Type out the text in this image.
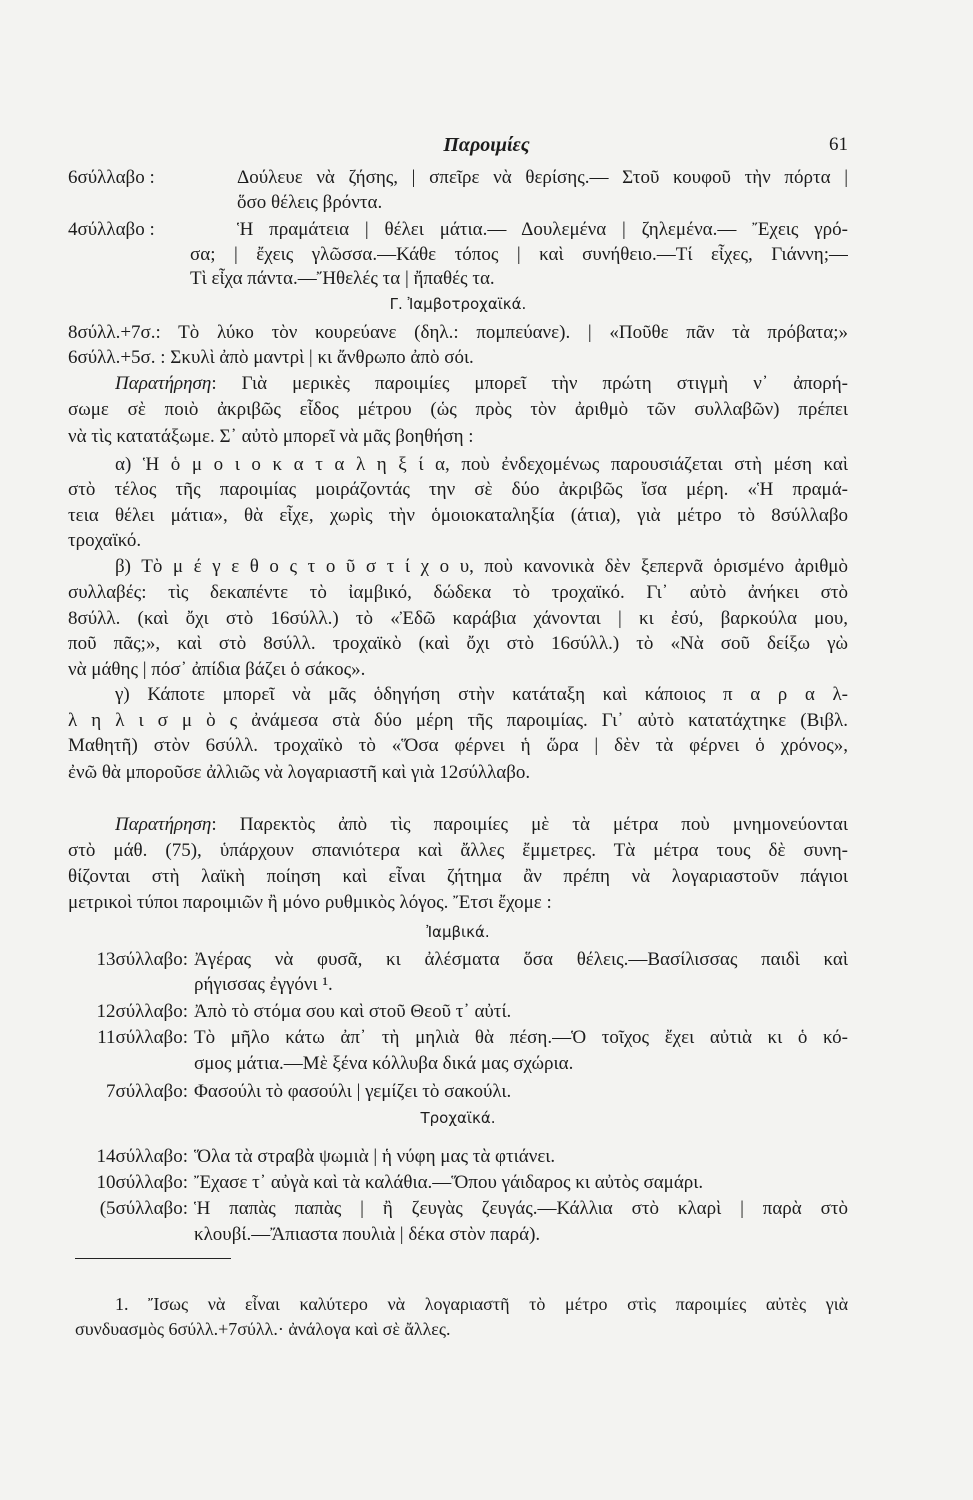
Παροιμίες	61
6σύλλαβο :	Δούλευε νὰ ζήσης, | σπεῖρε νὰ θερίσης.— Στοῦ κουφοῦ τὴν πόρτα |
ὅσο θέλεις βρόντα.
4σύλλαβο :	Ἡ πραμάτεια | θέλει μάτια.— Δουλεμένα | ζηλεμένα.— Ἔχεις γρό-
σα; | ἔχεις γλῶσσα.—Κάθε τόπος | καὶ συνήθειο.—Τί εἶχες, Γιάννη;—
Τὶ εἶχα πάντα.—Ἤθελές τα | ἤπαθές τα.
Γ. Ἰαμβοτροχαϊκά.
8σύλλ.+7σ.: Τὸ λύκο τὸν κουρεύανε (δηλ.: πομπεύανε). | «Ποῦθε πᾶν τὰ πρόβατα;»
6σύλλ.+5σ. : Σκυλὶ ἀπὸ μαντρὶ | κι ἄνθρωπο ἀπὸ σόι.
Παρατήρηση: Γιὰ μερικὲς παροιμίες μπορεῖ τὴν πρώτη στιγμὴ ν᾽ ἀπορή-
σωμε σὲ ποιὸ ἀκριβῶς εἶδος μέτρου (ὡς πρὸς τὸν ἀριθμὸ τῶν συλλαβῶν) πρέπει
νὰ τὶς κατατάξωμε. Σ᾽ αὐτὸ μπορεῖ νὰ μᾶς βοηθήση :
α) Ἡ ὁ μ ο ι ο κ α τ α λ η ξ ί α, ποὺ ἐνδεχομένως παρουσιάζεται στὴ μέση καὶ
στὸ τέλος τῆς παροιμίας μοιράζοντάς την σὲ δύο ἀκριβῶς ἴσα μέρη. «Ἡ πραμά-
τεια θέλει μάτια», θὰ εἶχε, χωρὶς τὴν ὁμοιοκαταληξία (άτια), γιὰ μέτρο τὸ 8σύλλαβο
τροχαϊκό.
β) Τὸ μ έ γ ε θ ο ς τ ο ῦ σ τ ί χ ο υ, ποὺ κανονικὰ δὲν ξεπερνᾶ ὁρισμένο ἀριθμὸ
συλλαβές: τὶς δεκαπέντε τὸ ἰαμβικό, δώδεκα τὸ τροχαϊκό. Γι᾽ αὐτὸ ἀνήκει στὸ
8σύλλ. (καὶ ὄχι στὸ 16σύλλ.) τὸ «Ἐδῶ καράβια χάνονται | κι ἐσύ, βαρκούλα μου,
ποῦ πᾶς;», καὶ στὸ 8σύλλ. τροχαϊκὸ (καὶ ὄχι στὸ 16σύλλ.) τὸ «Νὰ σοῦ δείξω γὼ
νὰ μάθης | πόσ᾽ ἀπίδια βάζει ὁ σάκος».
γ) Κάποτε μπορεῖ νὰ μᾶς ὁδηγήση στὴν κατάταξη καὶ κάποιος π α ρ α λ-
λ η λ ι σ μ ὸ ς ἀνάμεσα στὰ δύο μέρη τῆς παροιμίας. Γι᾽ αὐτὸ κατατάχτηκε (Βιβλ.
Μαθητῆ) στὸν 6σύλλ. τροχαϊκὸ τὸ «Ὅσα φέρνει ἡ ὥρα | δὲν τὰ φέρνει ὁ χρόνος»,
ἐνῶ θὰ μποροῦσε ἀλλιῶς νὰ λογαριαστῆ καὶ γιὰ 12σύλλαβο.
Παρατήρηση: Παρεκτὸς ἀπὸ τὶς παροιμίες μὲ τὰ μέτρα ποὺ μνημονεύονται
στὸ μάθ. (75), ὑπάρχουν σπανιότερα καὶ ἄλλες ἔμμετρες. Τὰ μέτρα τους δὲ συνη-
θίζονται στὴ λαϊκὴ ποίηση καὶ εἶναι ζήτημα ἂν πρέπη νὰ λογαριαστοῦν πάγιοι
μετρικοὶ τύποι παροιμιῶν ἢ μόνο ρυθμικὸς λόγος. Ἔτσι ἔχομε :
Ἰαμβικά.
13σύλλαβο: Ἀγέρας νὰ φυσᾶ, κι ἀλέσματα ὅσα θέλεις.—Βασίλισσας παιδὶ καὶ
ρήγισσας ἐγγόνι ¹.
12σύλλαβο: Ἀπὸ τὸ στόμα σου καὶ στοῦ Θεοῦ τ᾽ αὐτί.
11σύλλαβο: Τὸ μῆλο κάτω ἀπ᾽ τὴ μηλιὰ θὰ πέση.—Ὁ τοῖχος ἔχει αὐτιὰ κι ὁ κό-
σμος μάτια.—Μὲ ξένα κόλλυβα δικά μας σχώρια.
7σύλλαβο: Φασούλι τὸ φασούλι | γεμίζει τὸ σακούλι.
Τροχαϊκά.
14σύλλαβο: Ὅλα τὰ στραβὰ ψωμιὰ | ἡ νύφη μας τὰ φτιάνει.
10σύλλαβο: Ἔχασε τ᾽ αὐγὰ καὶ τὰ καλάθια.—Ὅπου γάιδαρος κι αὐτὸς σαμάρι.
(5σύλλαβο: Ἡ παπὰς παπὰς | ἢ ζευγὰς ζευγάς.—Κάλλια στὸ κλαρὶ | παρὰ στὸ
κλουβί.—Ἄπιαστα πουλιὰ | δέκα στὸν παρά).
1. Ἴσως νὰ εἶναι καλύτερο νὰ λογαριαστῆ τὸ μέτρο στὶς παροιμίες αὐτὲς γιὰ
συνδυασμὸς 6σύλλ.+7σύλλ.· ἀνάλογα καὶ σὲ ἄλλες.
